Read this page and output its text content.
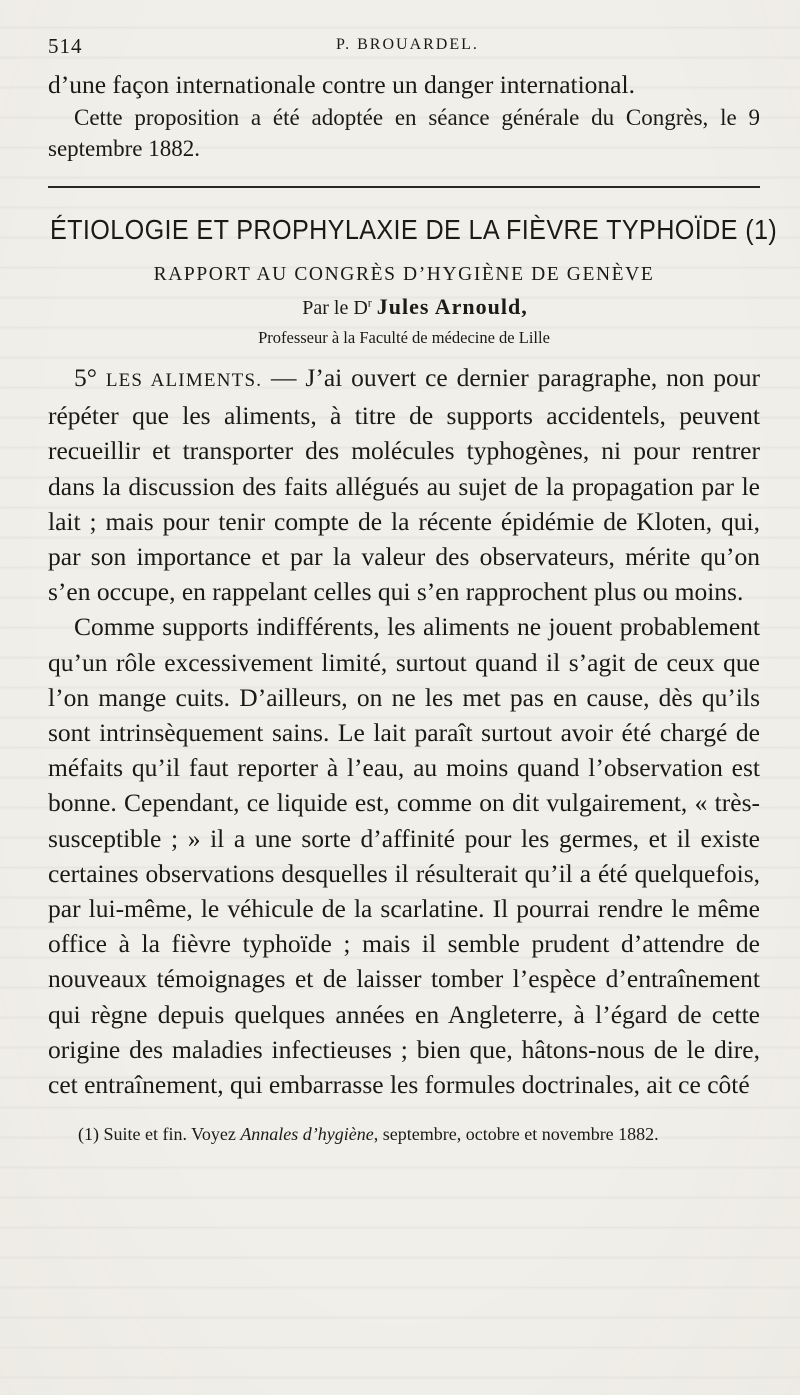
514	P. BROUARDEL.

d’une façon internationale contre un danger international.

Cette proposition a été adoptée en séance générale du Congrès, le 9 septembre 1882.

ÉTIOLOGIE ET PROPHYLAXIE DE LA FIÈVRE TYPHOÏDE (1)
RAPPORT AU CONGRÈS D’HYGIÈNE DE GENÈVE
Par le $D^r$ Jules Arnould,
Professeur à la Faculté de médecine de Lille

5° LES ALIMENTS. — J’ai ouvert ce dernier paragraphe, non pour répéter que les aliments, à titre de supports accidentels, peuvent recueillir et transporter des molécules typhogènes, ni pour rentrer dans la discussion des faits allégués au sujet de la propagation par le lait ; mais pour tenir compte de la récente épidémie de Kloten, qui, par son importance et par la valeur des observateurs, mérite qu’on s’en occupe, en rappelant celles qui s’en rapprochent plus ou moins.

Comme supports indifférents, les aliments ne jouent probablement qu’un rôle excessivement limité, surtout quand il s’agit de ceux que l’on mange cuits. D’ailleurs, on ne les met pas en cause, dès qu’ils sont intrinsèquement sains. Le lait paraît surtout avoir été chargé de méfaits qu’il faut reporter à l’eau, au moins quand l’observation est bonne. Cependant, ce liquide est, comme on dit vulgairement, « très-susceptible ; » il a une sorte d’affinité pour les germes, et il existe certaines observations desquelles il résulterait qu’il a été quelquefois, par lui-même, le véhicule de la scarlatine. Il pourrai rendre le même office à la fièvre typhoïde ; mais il semble prudent d’attendre de nouveaux témoignages et de laisser tomber l’espèce d’entraînement qui règne depuis quelques années en Angleterre, à l’égard de cette origine des maladies infectieuses ; bien que, hâtons-nous de le dire, cet entraînement, qui embarrasse les formules doctrinales, ait ce côté

(1) Suite et fin. Voyez Annales d’hygiène, septembre, octobre et novembre 1882.
